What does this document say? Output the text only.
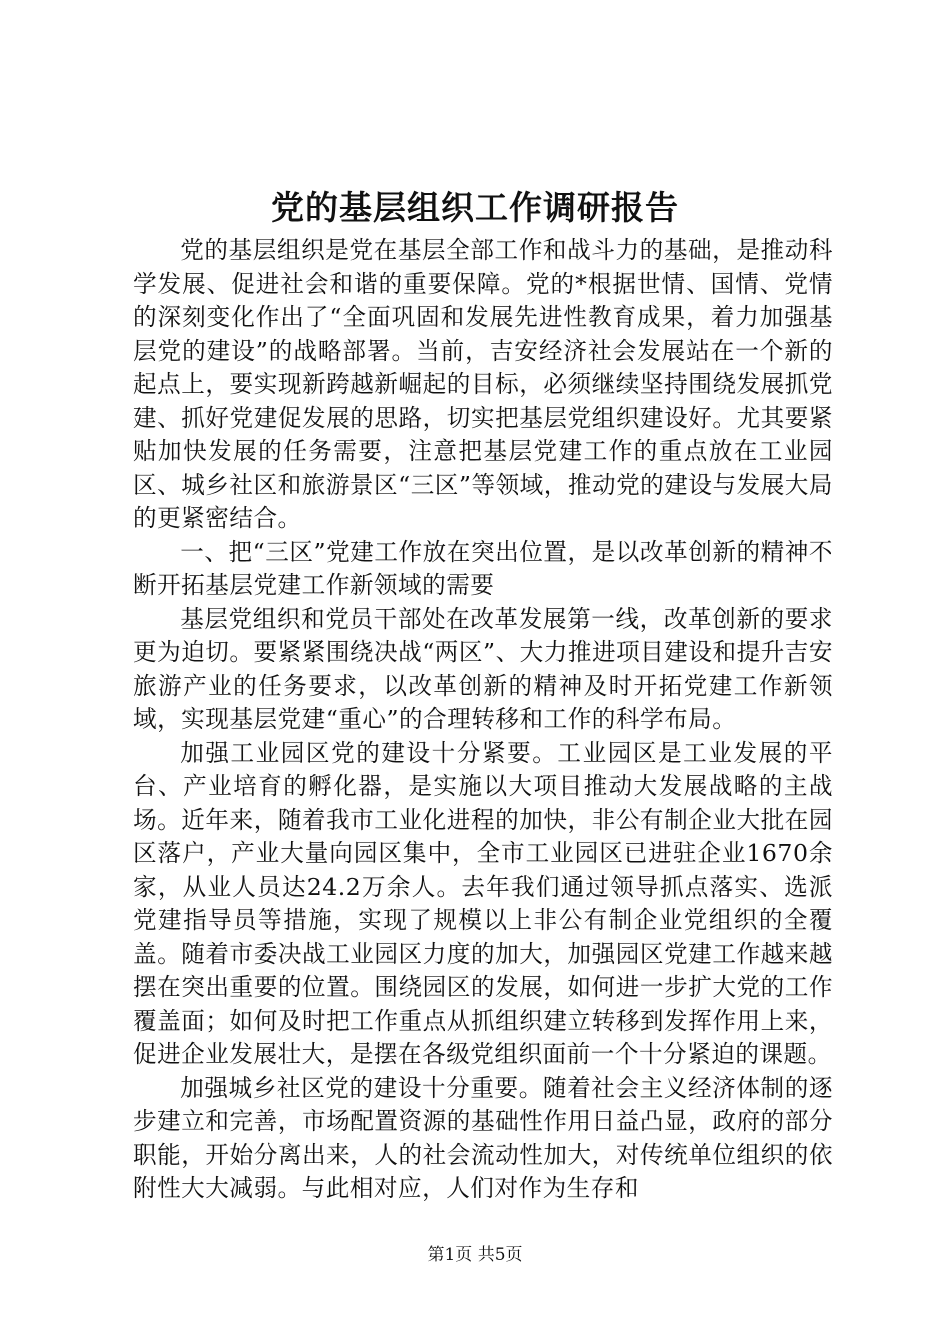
党的基层组织工作调研报告

党的基层组织是党在基层全部工作和战斗力的基础，是推动科学发展、促进社会和谐的重要保障。党的*根据世情、国情、党情的深刻变化作出了“全面巩固和发展先进性教育成果，着力加强基层党的建设”的战略部署。当前，吉安经济社会发展站在一个新的起点上，要实现新跨越新崛起的目标，必须继续坚持围绕发展抓党建、抓好党建促发展的思路，切实把基层党组织建设好。尤其要紧贴加快发展的任务需要，注意把基层党建工作的重点放在工业园区、城乡社区和旅游景区“三区”等领域，推动党的建设与发展大局的更紧密结合。

一、把“三区”党建工作放在突出位置，是以改革创新的精神不断开拓基层党建工作新领域的需要

基层党组织和党员干部处在改革发展第一线，改革创新的要求更为迫切。要紧紧围绕决战“两区”、大力推进项目建设和提升吉安旅游产业的任务要求，以改革创新的精神及时开拓党建工作新领域，实现基层党建“重心”的合理转移和工作的科学布局。

加强工业园区党的建设十分紧要。工业园区是工业发展的平台、产业培育的孵化器，是实施以大项目推动大发展战略的主战场。近年来，随着我市工业化进程的加快，非公有制企业大批在园区落户，产业大量向园区集中，全市工业园区已进驻企业1670余家，从业人员达24.2万余人。去年我们通过领导抓点落实、选派党建指导员等措施，实现了规模以上非公有制企业党组织的全覆盖。随着市委决战工业园区力度的加大，加强园区党建工作越来越摆在突出重要的位置。围绕园区的发展，如何进一步扩大党的工作覆盖面；如何及时把工作重点从抓组织建立转移到发挥作用上来，促进企业发展壮大，是摆在各级党组织面前一个十分紧迫的课题。

加强城乡社区党的建设十分重要。随着社会主义经济体制的逐步建立和完善，市场配置资源的基础性作用日益凸显，政府的部分职能，开始分离出来，人的社会流动性加大，对传统单位组织的依附性大大减弱。与此相对应，人们对作为生存和

第1页 共5页
